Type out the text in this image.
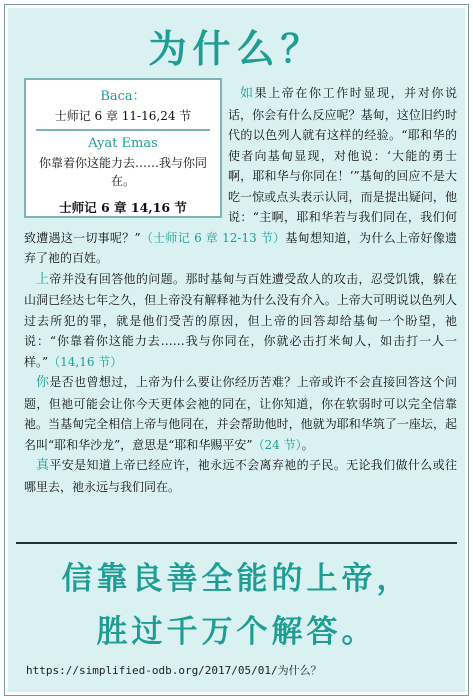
为什么？
Baca：
士师记 6 章 11-16,24 节
Ayat Emas
你靠着你这能力去……我与你同在。
士师记 6 章 14,16 节

如果上帝在你工作时显现，并对你说话，你会有什么反应呢？基甸，这位旧约时代的以色列人就有这样的经验。“耶和华的使者向基甸显现，对他说：‘大能的勇士啊，耶和华与你同在！’”基甸的回应不是大吃一惊或点头表示认同，而是提出疑问，他说：“主啊，耶和华若与我们同在，我们何致遭遇这一切事呢？”（士师记 6 章 12-13 节）基甸想知道，为什么上帝好像遗弃了祂的百姓。

上帝并没有回答他的问题。那时基甸与百姓遭受敌人的攻击，忍受饥饿，躲在山洞已经达七年之久，但上帝没有解释祂为什么没有介入。上帝大可明说以色列人过去所犯的罪，就是他们受苦的原因，但上帝的回答却给基甸一个盼望，祂说：“你靠着你这能力去……我与你同在，你就必击打米甸人，如击打一人一样。”（14,16 节）

你是否也曾想过，上帝为什么要让你经历苦难？上帝或许不会直接回答这个问题，但祂可能会让你今天更体会祂的同在，让你知道，你在软弱时可以完全信靠祂。当基甸完全相信上帝与他同在，并会帮助他时，他就为耶和华筑了一座坛，起名叫“耶和华沙龙”，意思是“耶和华赐平安”（24 节）。

真平安是知道上帝已经应许，祂永远不会离弃祂的子民。无论我们做什么或往哪里去，祂永远与我们同在。

信靠良善全能的上帝，
胜过千万个解答。
https://simplified-odb.org/2017/05/01/为什么？
